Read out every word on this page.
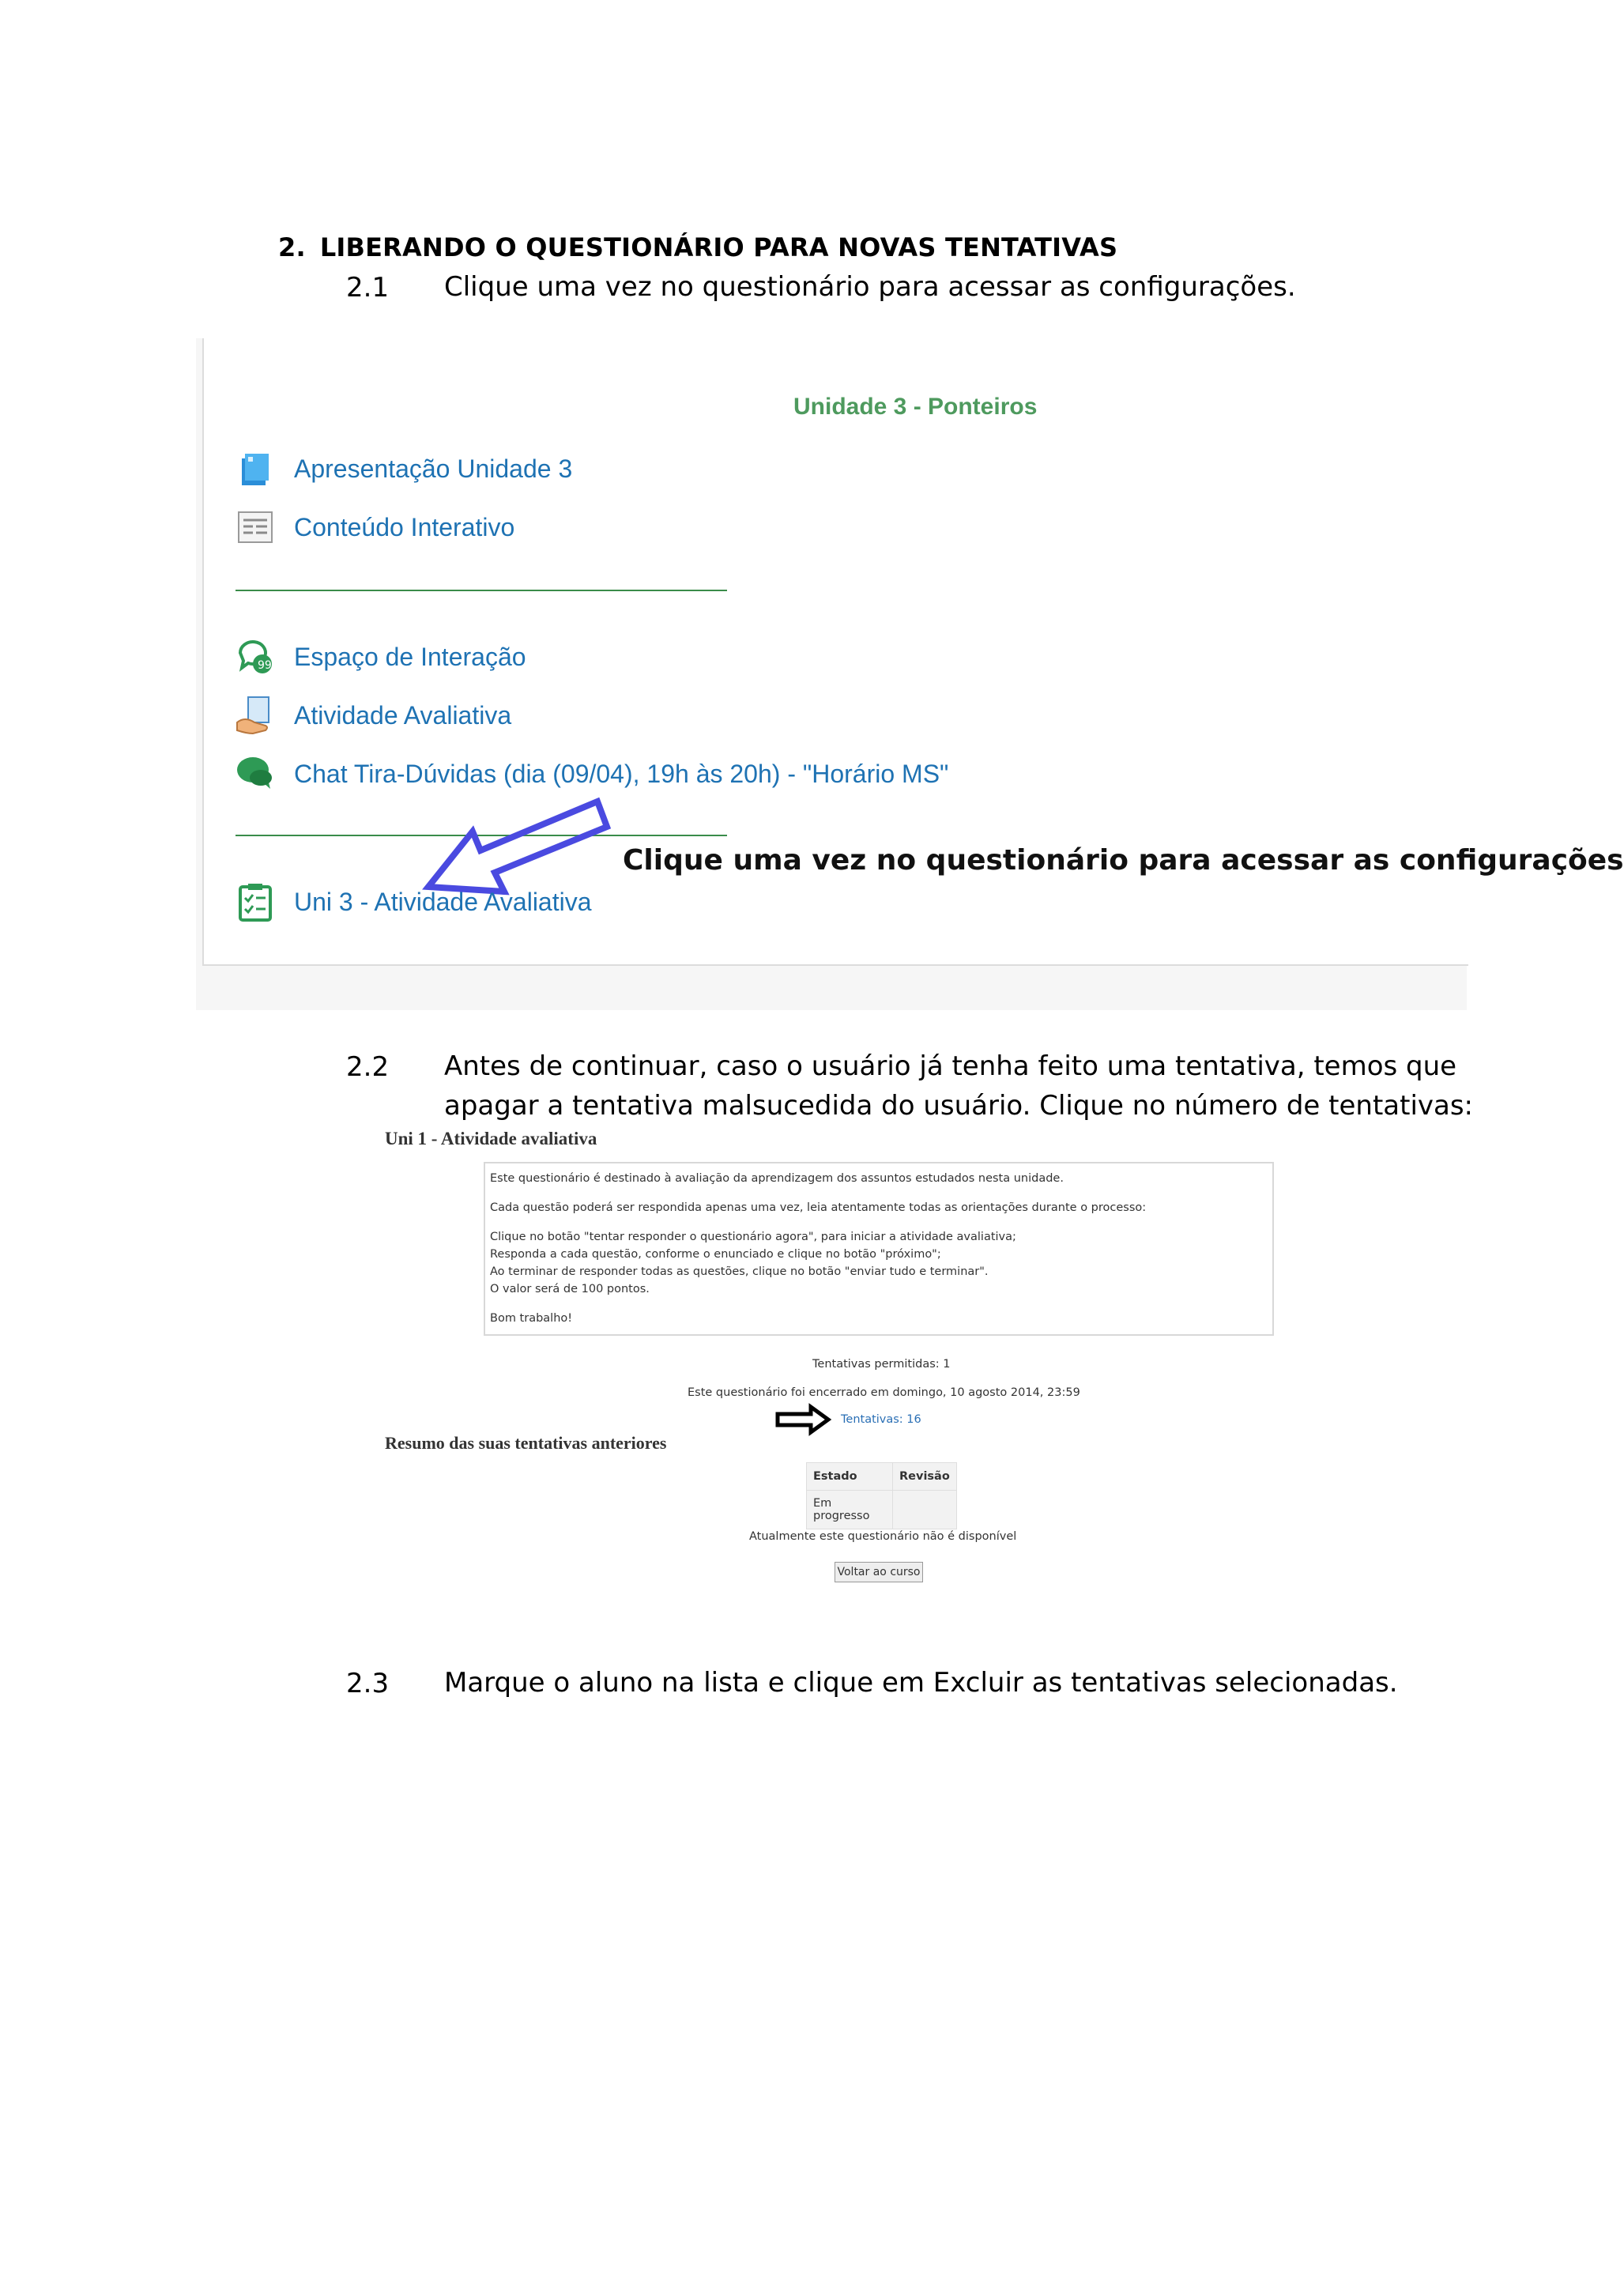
2. LIBERANDO O QUESTIONÁRIO PARA NOVAS TENTATIVAS
2.1 Clique uma vez no questionário para acessar as configurações.
Unidade 3 - Ponteiros
Apresentação Unidade 3
Conteúdo Interativo
99 Espaço de Interação
Atividade Avaliativa
Chat Tira-Dúvidas (dia (09/04), 19h às 20h) - "Horário MS"
Clique uma vez no questionário para acessar as configurações
Uni 3 - Atividade Avaliativa
2.2 Antes de continuar, caso o usuário já tenha feito uma tentativa, temos que
apagar a tentativa malsucedida do usuário. Clique no número de tentativas:
Uni 1 - Atividade avaliativa

Este questionário é destinado à avaliação da aprendizagem dos assuntos estudados nesta unidade.

Cada questão poderá ser respondida apenas uma vez, leia atentamente todas as orientações durante o processo:

Clique no botão "tentar responder o questionário agora", para iniciar a atividade avaliativa;

Responda a cada questão, conforme o enunciado e clique no botão "próximo";

Ao terminar de responder todas as questões, clique no botão "enviar tudo e terminar".

O valor será de 100 pontos.

Bom trabalho!

Tentativas permitidas: 1
Este questionário foi encerrado em domingo, 10 agosto 2014, 23:59
Tentativas: 16
Resumo das suas tentativas anteriores
Estado	Revisão
Em progresso	
Atualmente este questionário não é disponível
Voltar ao curso
2.3 Marque o aluno na lista e clique em Excluir as tentativas selecionadas.
